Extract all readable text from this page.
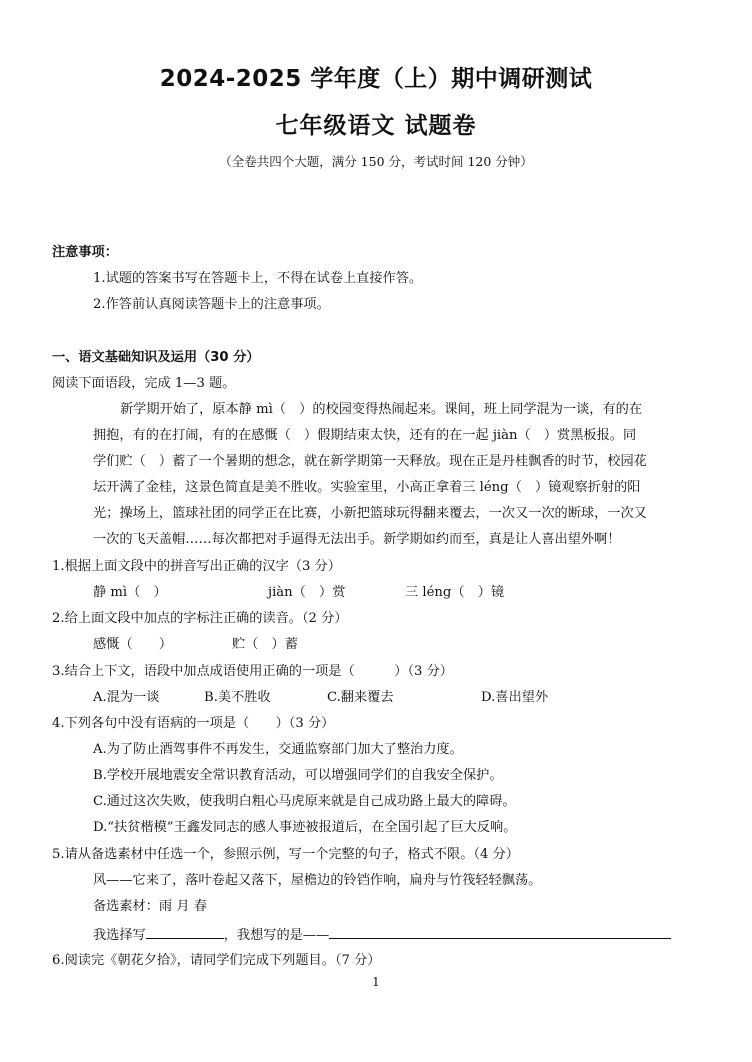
2024-2025 学年度（上）期中调研测试
七年级语文 试题卷
（全卷共四个大题，满分 150 分，考试时间 120 分钟）
注意事项：
1.试题的答案书写在答题卡上，不得在试卷上直接作答。
2.作答前认真阅读答题卡上的注意事项。
一、语文基础知识及运用（30 分）
阅读下面语段，完成 1—3 题。
新学期开始了，原本静 mì（　）的校园变得热闹起来。课间，班上同学混为一谈，有的在
拥抱，有的在打闹，有的在感慨（　）假期结束太快，还有的在一起 jiàn（　）赏黑板报。同
学们贮（　）蓄了一个暑期的想念，就在新学期第一天释放。现在正是丹桂飘香的时节，校园花
坛开满了金桂，这景色简直是美不胜收。实验室里，小高正拿着三 léng（　）镜观察折射的阳
光；操场上，篮球社团的同学正在比赛，小新把篮球玩得翻来覆去，一次又一次的断球，一次又
一次的飞天盖帽……每次都把对手逼得无法出手。新学期如约而至，真是让人喜出望外啊！
1.根据上面文段中的拼音写出正确的汉字（3 分）
静 mì（　）	jiàn（　）赏	三 léng（　）镜
2.给上面文段中加点的字标注正确的读音。（2 分）
感慨（　　）	贮（　）蓄
3.结合上下文，语段中加点成语使用正确的一项是（　　　）（3 分）
A.混为一谈	B.美不胜收	C.翻来覆去	D.喜出望外
4.下列各句中没有语病的一项是（　　）（3 分）
A.为了防止酒驾事件不再发生，交通监察部门加大了整治力度。
B.学校开展地震安全常识教育活动，可以增强同学们的自我安全保护。
C.通过这次失败，使我明白粗心马虎原来就是自己成功路上最大的障碍。
D.“扶贫楷模”王鑫发同志的感人事迹被报道后，在全国引起了巨大反响。
5.请从备选素材中任选一个，参照示例，写一个完整的句子，格式不限。（4 分）
风——它来了，落叶卷起又落下，屋檐边的铃铛作响，扁舟与竹筏轻轻飘荡。
备选素材：雨 月 春
我选择写	，我想写的是——
6.阅读完《朝花夕拾》，请同学们完成下列题目。（7 分）
1
